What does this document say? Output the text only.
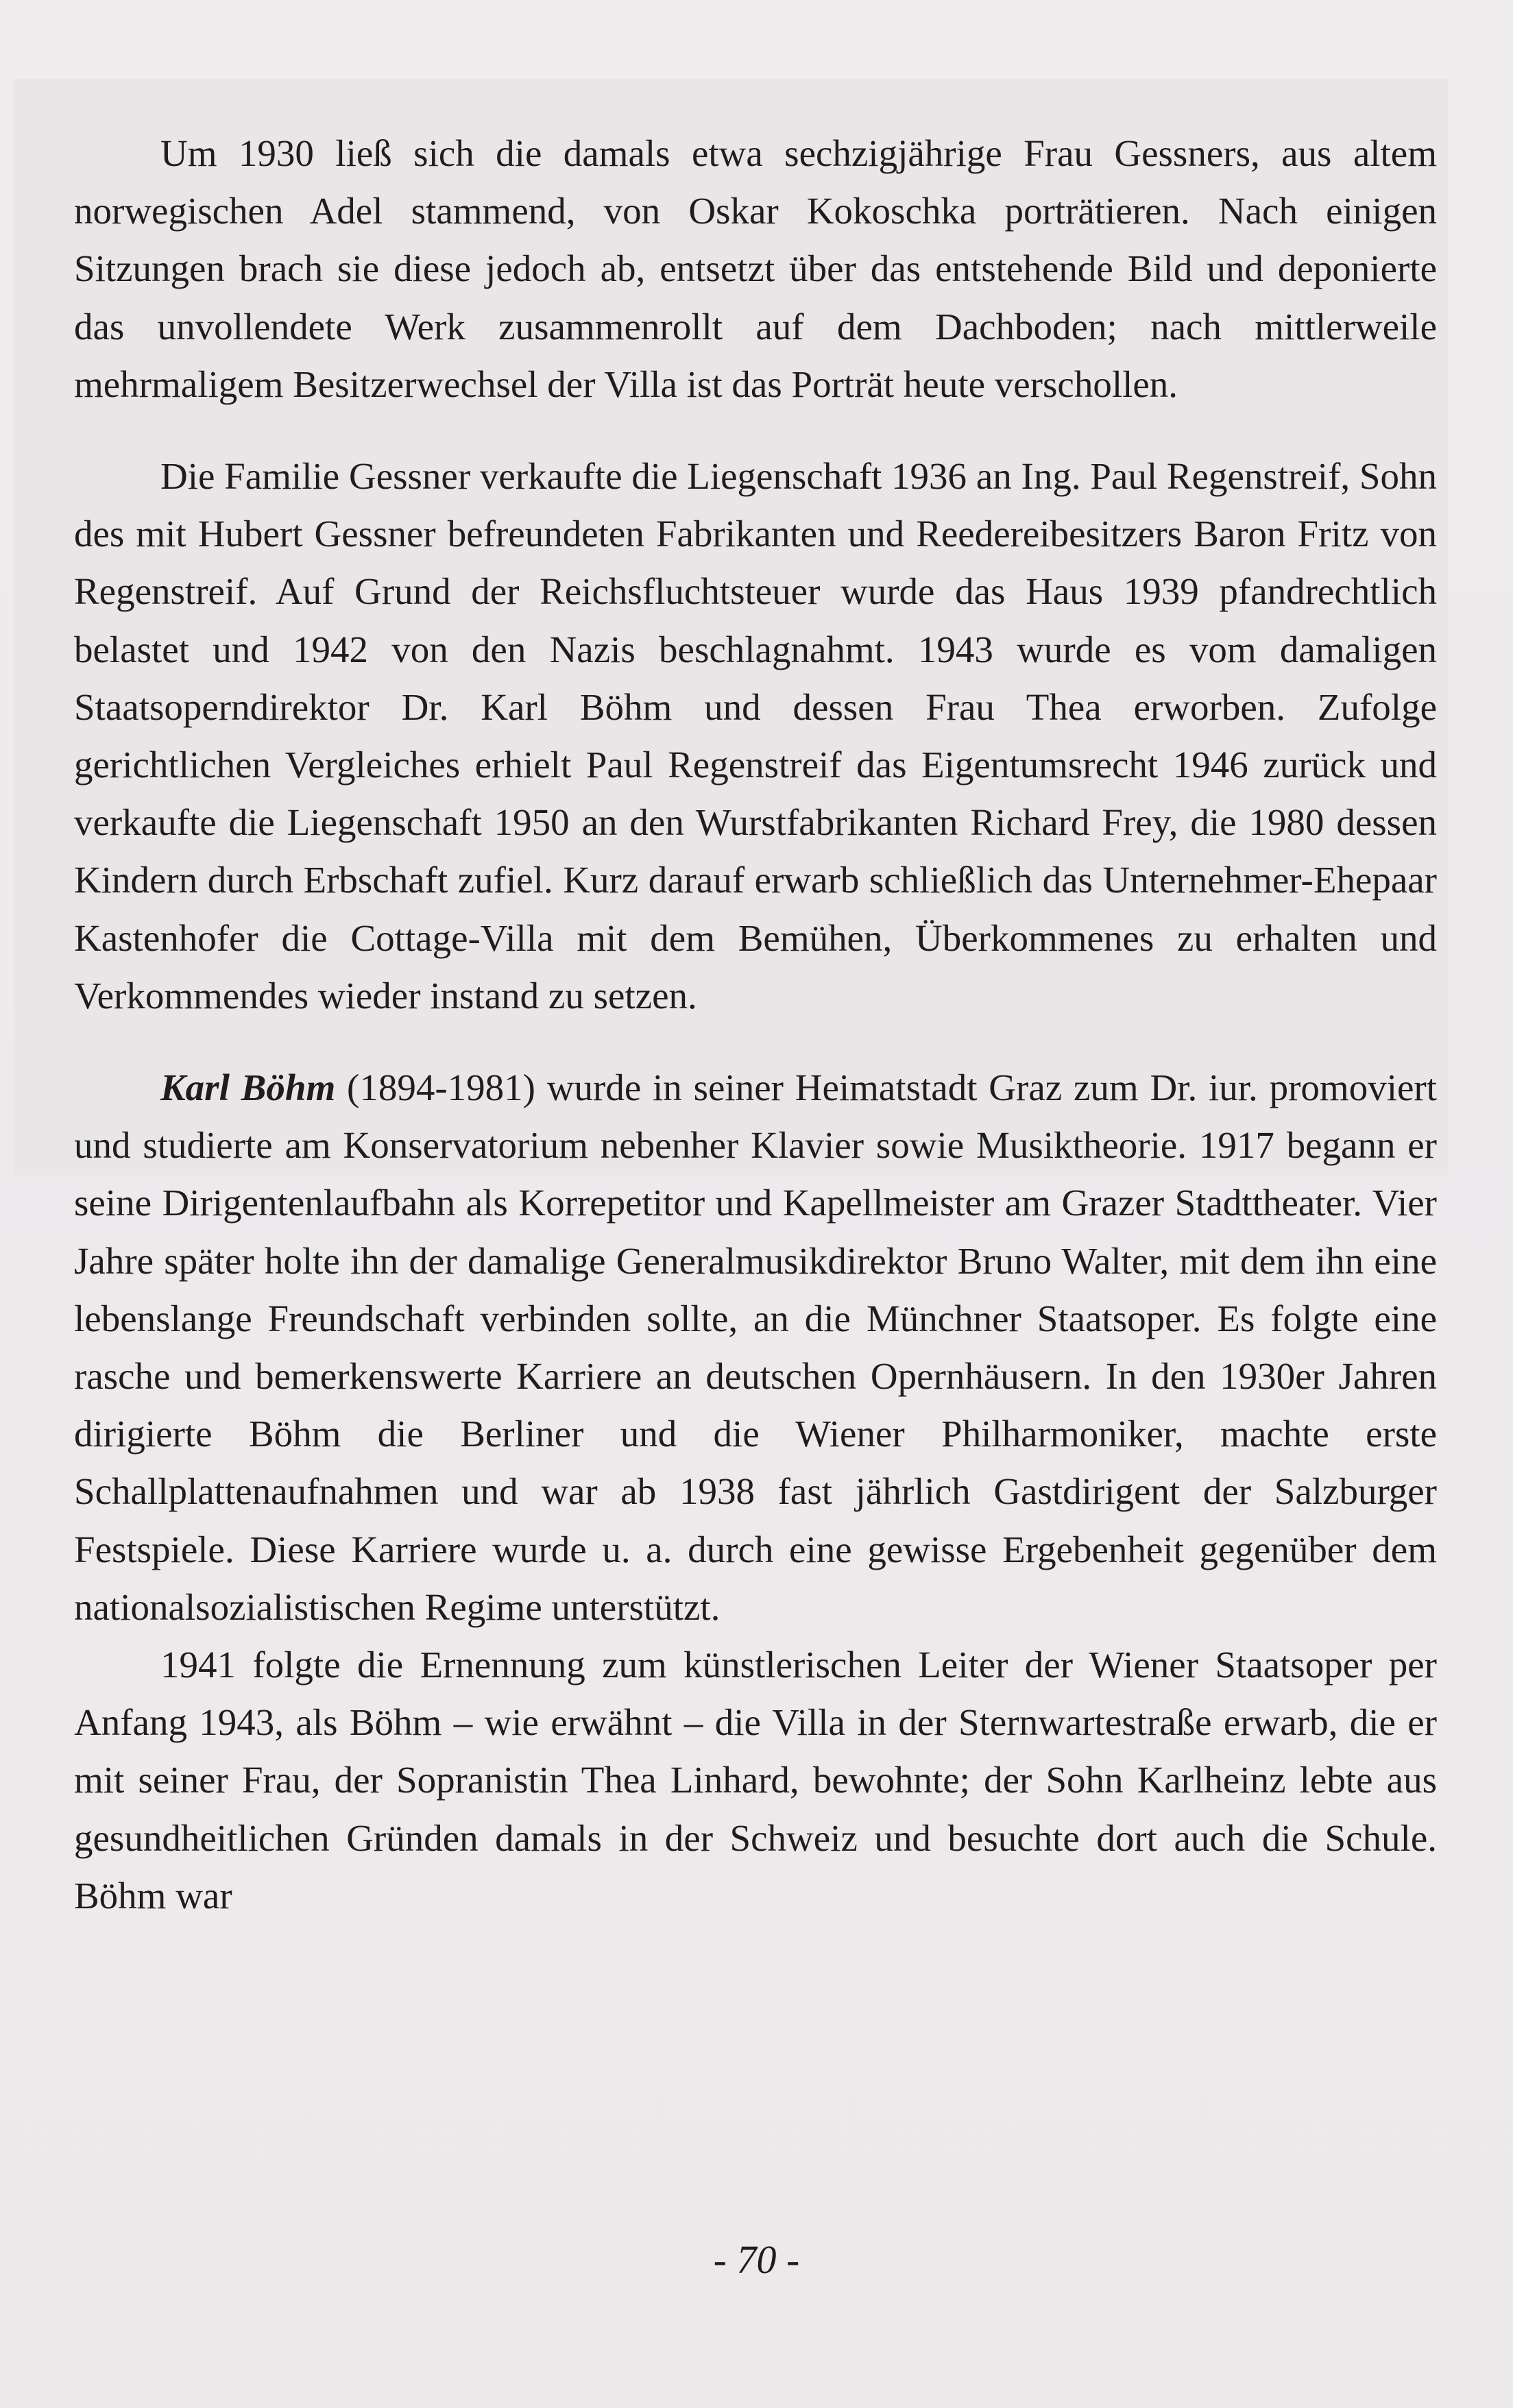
Um 1930 ließ sich die damals etwa sechzigjährige Frau Gessners, aus altem norwegischen Adel stammend, von Oskar Kokoschka porträtieren. Nach einigen Sitzungen brach sie diese jedoch ab, entsetzt über das entstehende Bild und deponierte das unvollendete Werk zusammenrollt auf dem Dachboden; nach mittlerweile mehrmaligem Besitzerwechsel der Villa ist das Porträt heute verschollen.

Die Familie Gessner verkaufte die Liegenschaft 1936 an Ing. Paul Regenstreif, Sohn des mit Hubert Gessner befreundeten Fabrikanten und Reedereibesitzers Baron Fritz von Regenstreif. Auf Grund der Reichsfluchtsteuer wurde das Haus 1939 pfandrechtlich belastet und 1942 von den Nazis beschlagnahmt. 1943 wurde es vom damaligen Staatsoperndirektor Dr. Karl Böhm und dessen Frau Thea erworben. Zufolge gerichtlichen Vergleiches erhielt Paul Regenstreif das Eigentumsrecht 1946 zurück und verkaufte die Liegenschaft 1950 an den Wurstfabrikanten Richard Frey, die 1980 dessen Kindern durch Erbschaft zufiel. Kurz darauf erwarb schließlich das Unternehmer-Ehepaar Kastenhofer die Cottage-Villa mit dem Bemühen, Überkommenes zu erhalten und Verkommendes wieder instand zu setzen.

Karl Böhm (1894-1981) wurde in seiner Heimatstadt Graz zum Dr. iur. promoviert und studierte am Konservatorium nebenher Klavier sowie Musiktheorie. 1917 begann er seine Dirigentenlaufbahn als Korrepetitor und Kapellmeister am Grazer Stadttheater. Vier Jahre später holte ihn der damalige Generalmusikdirektor Bruno Walter, mit dem ihn eine lebenslange Freundschaft verbinden sollte, an die Münchner Staatsoper. Es folgte eine rasche und bemerkenswerte Karriere an deutschen Opernhäusern. In den 1930er Jahren dirigierte Böhm die Berliner und die Wiener Philharmoniker, machte erste Schallplattenaufnahmen und war ab 1938 fast jährlich Gastdirigent der Salzburger Festspiele. Diese Karriere wurde u. a. durch eine gewisse Ergebenheit gegenüber dem nationalsozialistischen Regime unterstützt.

1941 folgte die Ernennung zum künstlerischen Leiter der Wiener Staatsoper per Anfang 1943, als Böhm – wie erwähnt – die Villa in der Sternwartestraße erwarb, die er mit seiner Frau, der Sopranistin Thea Linhard, bewohnte; der Sohn Karlheinz lebte aus gesundheitlichen Gründen damals in der Schweiz und besuchte dort auch die Schule. Böhm war

- 70 -
